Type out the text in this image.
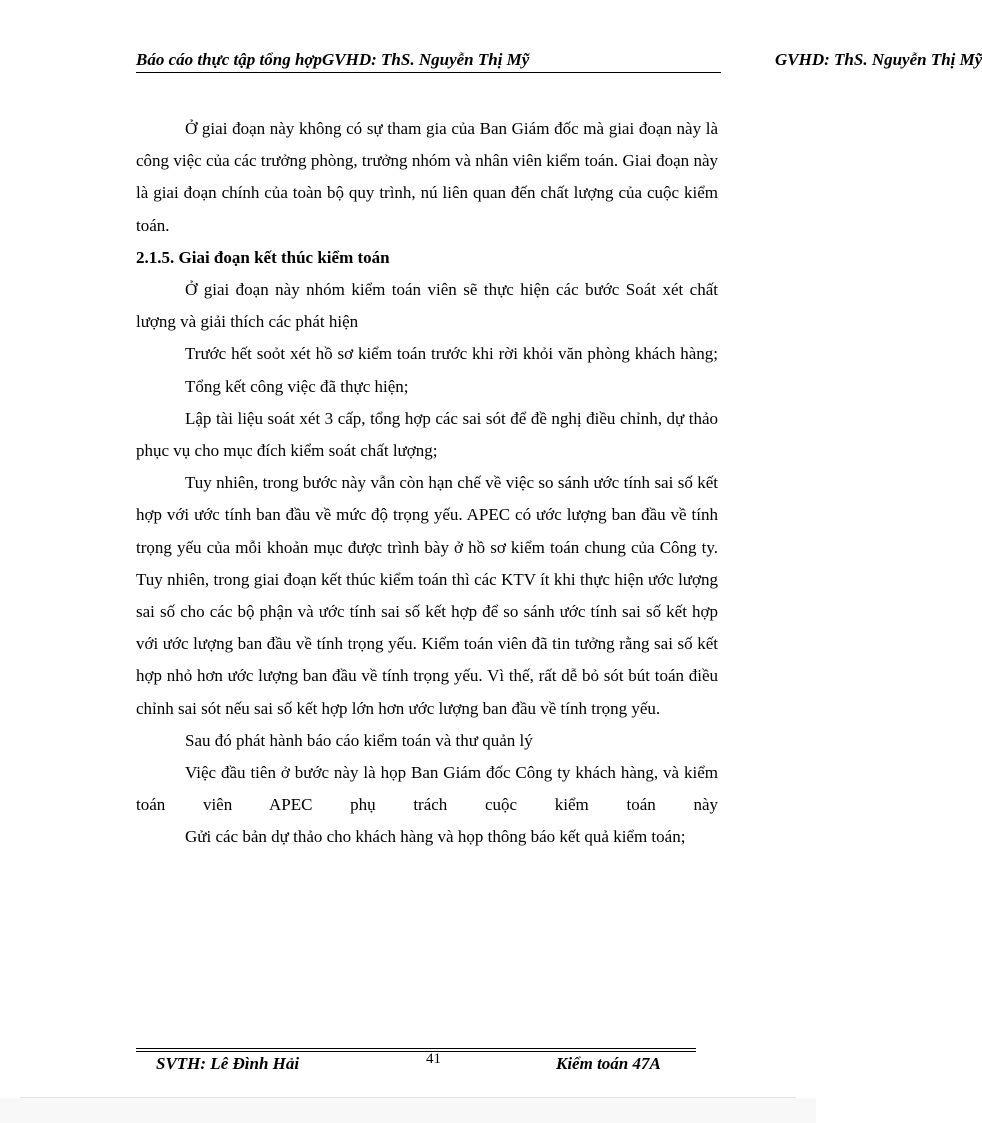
Báo cáo thực tập tổng hợpGVHD: ThS. Nguyễn Thị Mỹ	GVHD: ThS. Nguyễn Thị Mỹ

Ở giai đoạn này không có sự tham gia của Ban Giám đốc mà giai đoạn này là công việc của các trưởng phòng, trưởng nhóm và nhân viên kiểm toán. Giai đoạn này là giai đoạn chính của toàn bộ quy trình, nú liên quan đến chất lượng của cuộc kiểm toán.

2.1.5. Giai đoạn kết thúc kiểm toán

Ở giai đoạn này nhóm kiểm toán viên sẽ thực hiện các bước Soát xét chất lượng và giải thích các phát hiện

Trước hết soỏt xét hồ sơ kiểm toán trước khi rời khỏi văn phòng khách hàng;

Tổng kết công việc đã thực hiện;

Lập tài liệu soát xét 3 cấp, tổng hợp các sai sót để đề nghị điều chỉnh, dự thảo phục vụ cho mục đích kiểm soát chất lượng;

Tuy nhiên, trong bước này vẫn còn hạn chế về việc so sánh ước tính sai số kết hợp với ước tính ban đầu về mức độ trọng yếu. APEC có ước lượng ban đầu về tính trọng yếu của mỗi khoản mục được trình bày ở hồ sơ kiểm toán chung của Công ty. Tuy nhiên, trong giai đoạn kết thúc kiểm toán thì các KTV ít khi thực hiện ước lượng sai số cho các bộ phận và ước tính sai số kết hợp để so sánh ước tính sai số kết hợp với ước lượng ban đầu về tính trọng yếu. Kiểm toán viên đã tin tưởng rằng sai số kết hợp nhỏ hơn ước lượng ban đầu về tính trọng yếu. Vì thế, rất dễ bỏ sót bút toán điều chỉnh sai sót nếu sai số kết hợp lớn hơn ước lượng ban đầu về tính trọng yếu.

Sau đó phát hành báo cáo kiểm toán và thư quản lý

Việc đầu tiên ở bước này là họp Ban Giám đốc Công ty khách hàng, và kiểm toán viên APEC phụ trách cuộc kiểm toán này

Gửi các bản dự thảo cho khách hàng và họp thông báo kết quả kiểm toán;

SVTH: Lê Đình Hải	41	Kiểm toán 47A
